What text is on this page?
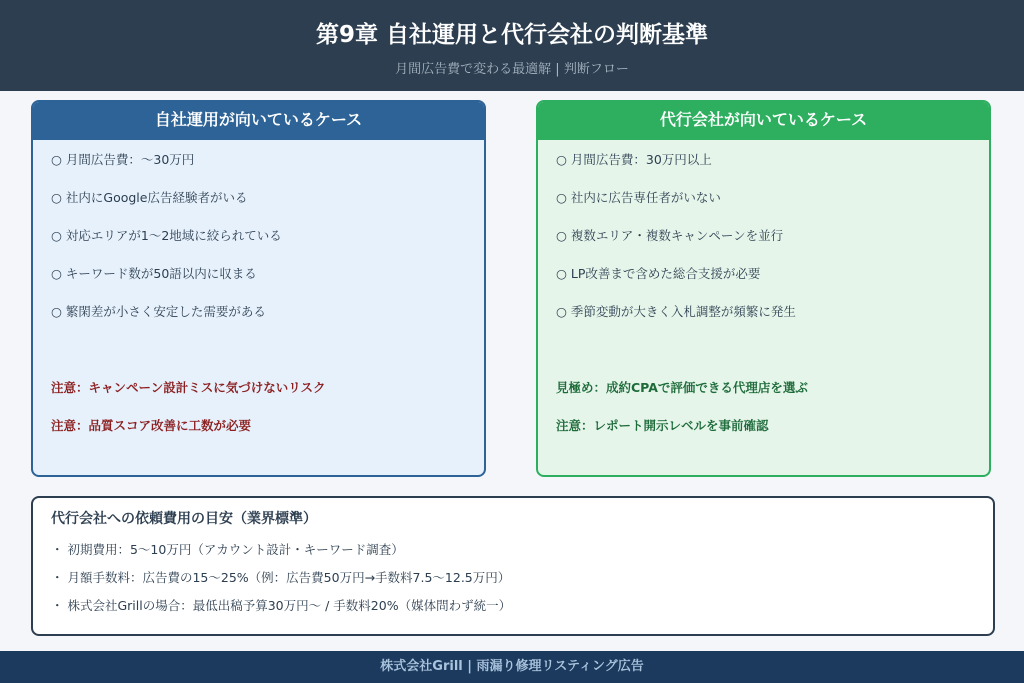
第9章 自社運用と代行会社の判断基準
月間広告費で変わる最適解 | 判断フロー
自社運用が向いているケース
○ 月間広告費：〜30万円
○ 社内にGoogle広告経験者がいる
○ 対応エリアが1〜2地域に絞られている
○ キーワード数が50語以内に収まる
○ 繁閑差が小さく安定した需要がある
注意：キャンペーン設計ミスに気づけないリスク
注意：品質スコア改善に工数が必要
代行会社が向いているケース
○ 月間広告費：30万円以上
○ 社内に広告専任者がいない
○ 複数エリア・複数キャンペーンを並行
○ LP改善まで含めた総合支援が必要
○ 季節変動が大きく入札調整が頻繁に発生
見極め：成約CPAで評価できる代理店を選ぶ
注意：レポート開示レベルを事前確認
代行会社への依頼費用の目安（業界標準）
・ 初期費用：5〜10万円（アカウント設計・キーワード調査）
・ 月額手数料：広告費の15〜25%（例：広告費50万円→手数料7.5〜12.5万円）
・ 株式会社Grillの場合：最低出稿予算30万円〜 / 手数料20%（媒体問わず統一）
株式会社Grill | 雨漏り修理リスティング広告
